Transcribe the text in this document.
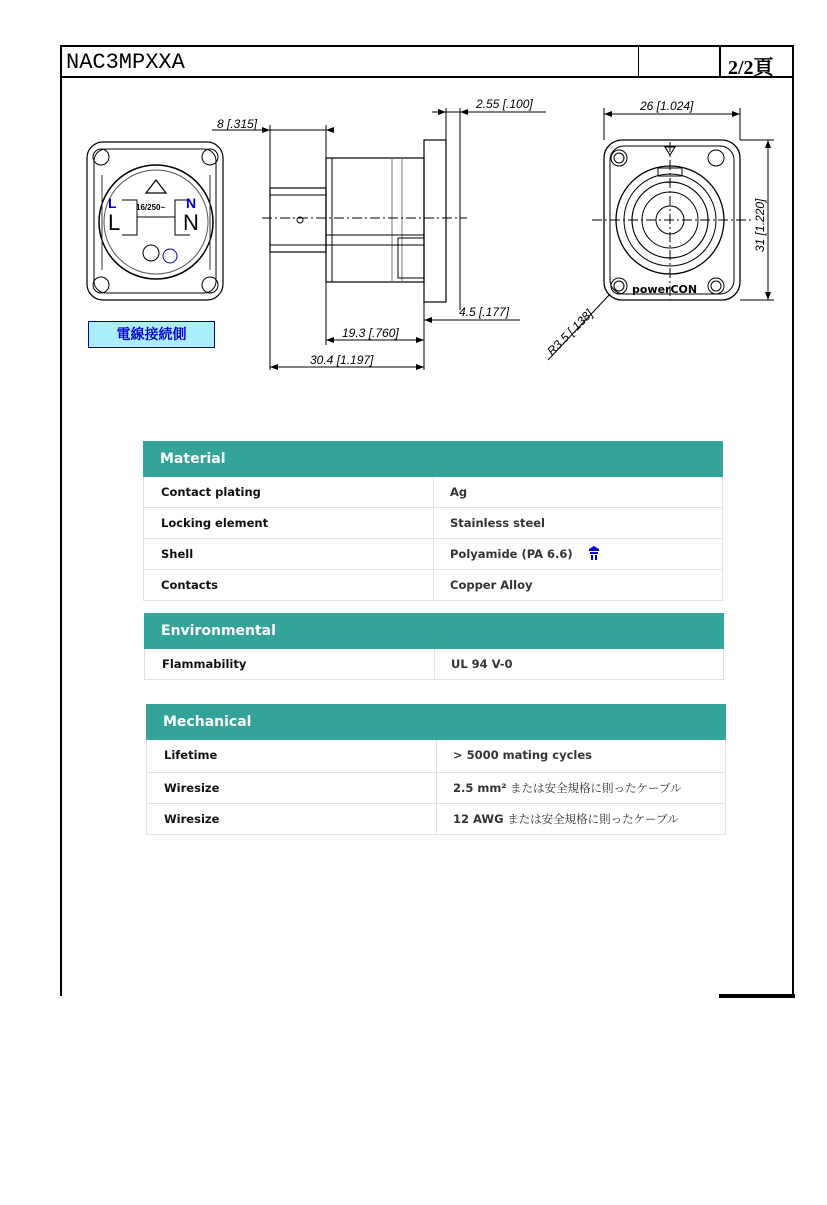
NAC3MPXXA	2/2頁
8 [.315]
2.55 [.100]	26 [1.024]
31 [1.220]
4.5 [.177]
19.3 [.760]
30.4 [1.197]
R3.5 [.138]
L
L
N
N
16/250~
powerCON
電線接続側
Material
Contact plating	Ag
Locking element	Stainless steel
Shell	Polyamide (PA 6.6)
Contacts	Copper Alloy
Environmental
Flammability	UL 94 V-0
Mechanical
Lifetime	> 5000 mating cycles
Wiresize	2.5 mm² または安全規格に則ったケーブル
Wiresize	12 AWG または安全規格に則ったケーブル
